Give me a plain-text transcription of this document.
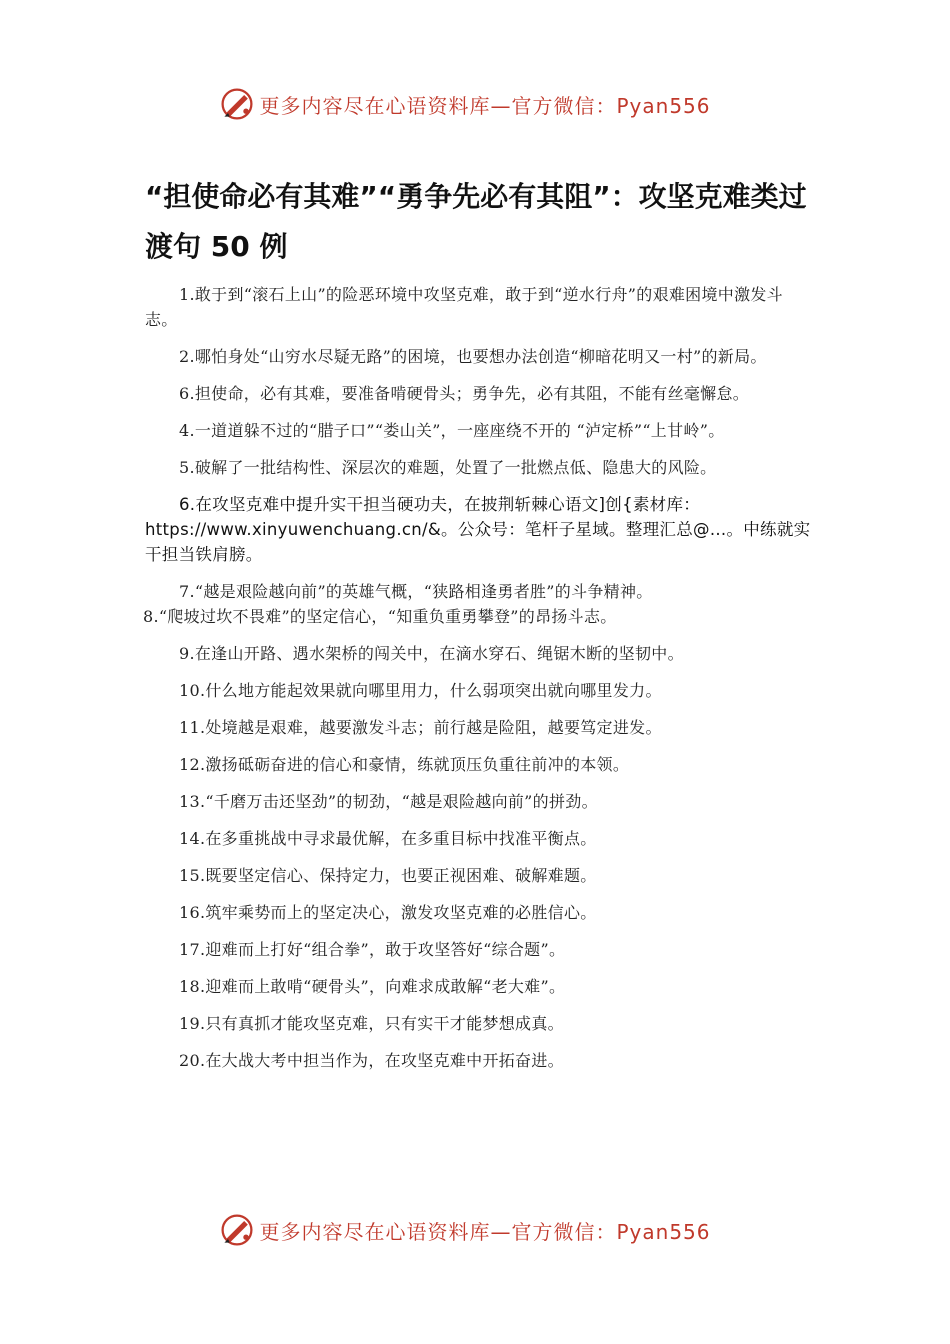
更多内容尽在心语资料库—官方微信：Pyan556
“担使命必有其难”“勇争先必有其阻”：攻坚克难类过渡句 50 例

1.敢于到“滚石上山”的险恶环境中攻坚克难，敢于到“逆水行舟”的艰难困境中激发斗志。

2.哪怕身处“山穷水尽疑无路”的困境，也要想办法创造“柳暗花明又一村”的新局。

6.担使命，必有其难，要准备啃硬骨头；勇争先，必有其阻，不能有丝毫懈怠。

4.一道道躲不过的“腊子口”“娄山关”，一座座绕不开的 “泸定桥”“上甘岭”。

5.破解了一批结构性、深层次的难题，处置了一批燃点低、隐患大的风险。

6.在攻坚克难中提升实干担当硬功夫，在披荆斩棘心语文]创{素材库：https://www.xinyuwenchuang.cn/&。公众号：笔杆子星域。整理汇总@...。中练就实干担当铁肩膀。

7.“越是艰险越向前”的英雄气概，“狭路相逢勇者胜”的斗争精神。

8.“爬坡过坎不畏难”的坚定信心，“知重负重勇攀登”的昂扬斗志。

9.在逢山开路、遇水架桥的闯关中，在滴水穿石、绳锯木断的坚韧中。

10.什么地方能起效果就向哪里用力，什么弱项突出就向哪里发力。

11.处境越是艰难，越要激发斗志；前行越是险阻，越要笃定进发。

12.激扬砥砺奋进的信心和豪情，练就顶压负重往前冲的本领。

13.“千磨万击还坚劲”的韧劲，“越是艰险越向前”的拼劲。

14.在多重挑战中寻求最优解，在多重目标中找准平衡点。

15.既要坚定信心、保持定力，也要正视困难、破解难题。

16.筑牢乘势而上的坚定决心，激发攻坚克难的必胜信心。

17.迎难而上打好“组合拳”，敢于攻坚答好“综合题”。

18.迎难而上敢啃“硬骨头”，向难求成敢解“老大难”。

19.只有真抓才能攻坚克难，只有实干才能梦想成真。

20.在大战大考中担当作为，在攻坚克难中开拓奋进。

更多内容尽在心语资料库—官方微信：Pyan556
